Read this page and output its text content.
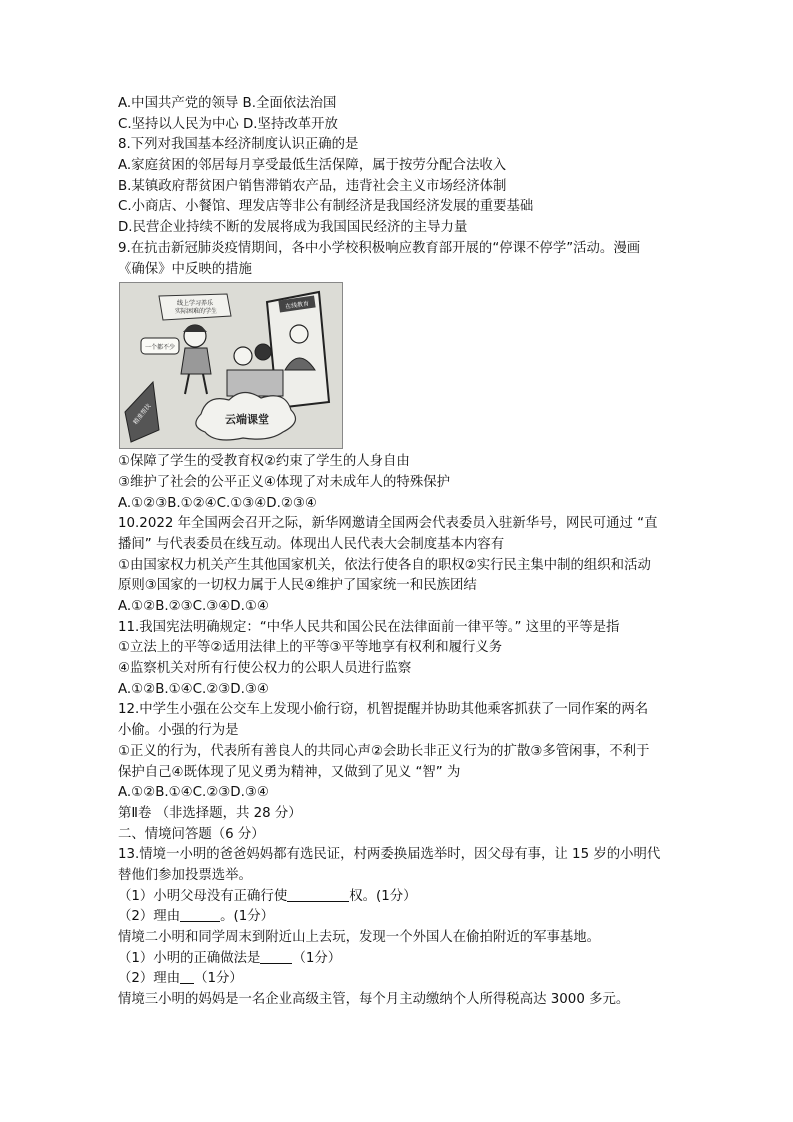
A.中国共产党的领导 B.全面依法治国
C.坚持以人民为中心 D.坚持改革开放
8.下列对我国基本经济制度认识正确的是
A.家庭贫困的邻居每月享受最低生活保障，属于按劳分配合法收入
B.某镇政府帮贫困户销售滞销农产品，违背社会主义市场经济体制
C.小商店、小餐馆、理发店等非公有制经济是我国经济发展的重要基础
D.民营企业持续不断的发展将成为我国国民经济的主导力量
9.在抗击新冠肺炎疫情期间，各中小学校积极响应教育部开展的“停课不停学”活动。漫画
《确保》中反映的措施
线上学习养乐
实际困难的学生
在线教育
一个都不少
精准帮扶	云端课堂
①保障了学生的受教育权②约束了学生的人身自由
③维护了社会的公平正义④体现了对未成年人的特殊保护
A.①②③B.①②④C.①③④D.②③④
10.2022 年全国两会召开之际，新华网邀请全国两会代表委员入驻新华号，网民可通过 “直
播间” 与代表委员在线互动。体现出人民代表大会制度基本内容有
①由国家权力机关产生其他国家机关，依法行使各自的职权②实行民主集中制的组织和活动
原则③国家的一切权力属于人民④维护了国家统一和民族团结
A.①②B.②③C.③④D.①④
11.我国宪法明确规定：“中华人民共和国公民在法律面前一律平等。” 这里的平等是指
①立法上的平等②适用法律上的平等③平等地享有权利和履行义务
④监察机关对所有行使公权力的公职人员进行监察
A.①②B.①④C.②③D.③④
12.中学生小强在公交车上发现小偷行窃，机智提醒并协助其他乘客抓获了一同作案的两名
小偷。小强的行为是
①正义的行为，代表所有善良人的共同心声②会助长非正义行为的扩散③多管闲事，不利于
保护自己④既体现了见义勇为精神，又做到了见义 “智” 为
A.①②B.①④C.②③D.③④
第Ⅱ卷 （非选择题，共 28 分）
二、情境问答题（6 分）
13.情境一小明的爸爸妈妈都有选民证，村两委换届选举时，因父母有事，让 15 岁的小明代
替他们参加投票选举。
（1）小明父母没有正确行使	权。(1分）
（2）理由	。(1分）
情境二小明和同学周末到附近山上去玩，发现一个外国人在偷拍附近的军事基地。
（1）小明的正确做法是 （1分）
（2）理由 （1分）
情境三小明的妈妈是一名企业高级主管，每个月主动缴纳个人所得税高达 3000 多元。
